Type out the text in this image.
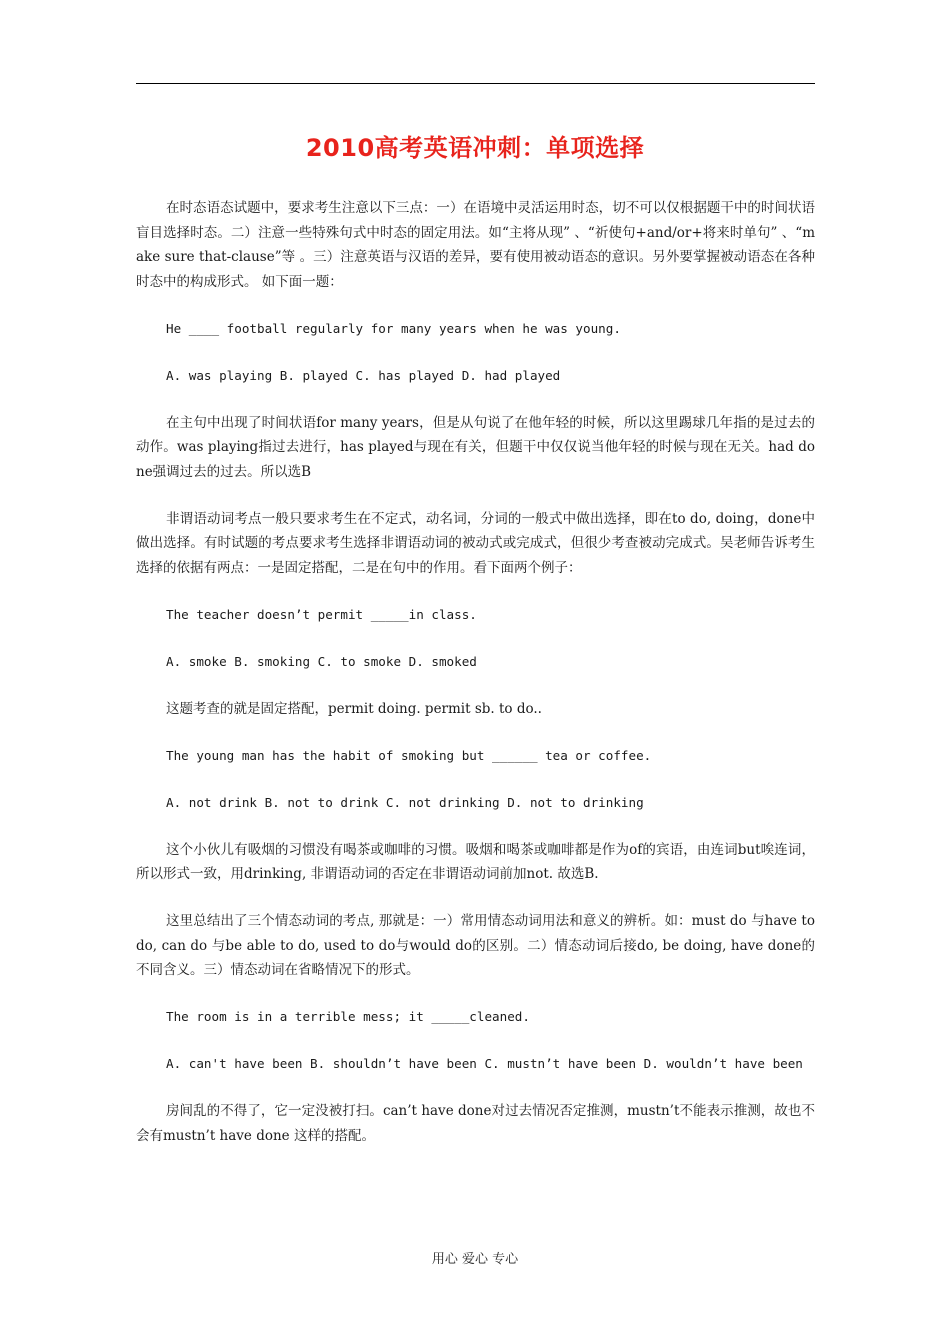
2010高考英语冲刺：单项选择

在时态语态试题中，要求考生注意以下三点：一）在语境中灵活运用时态，切不可以仅根据题干中的时间状语盲目选择时态。二）注意一些特殊句式中时态的固定用法。如“主将从现” 、“祈使句+and/or+将来时单句” 、“make sure that-clause”等 。三）注意英语与汉语的差异，要有使用被动语态的意识。另外要掌握被动语态在各种时态中的构成形式。 如下面一题：

He ____ football regularly for many years when he was young.

A. was playing B. played C. has played D. had played

在主句中出现了时间状语for many years，但是从句说了在他年轻的时候，所以这里踢球几年指的是过去的动作。was playing指过去进行，has played与现在有关，但题干中仅仅说当他年轻的时候与现在无关。had done强调过去的过去。所以选B

非谓语动词考点一般只要求考生在不定式，动名词，分词的一般式中做出选择，即在to do, doing，done中做出选择。有时试题的考点要求考生选择非谓语动词的被动式或完成式，但很少考查被动完成式。吴老师告诉考生选择的依据有两点：一是固定搭配，二是在句中的作用。看下面两个例子：

The teacher doesn’t permit _____in class.

A. smoke B. smoking C. to smoke D. smoked

这题考查的就是固定搭配，permit doing. permit sb. to do..

The young man has the habit of smoking but ______ tea or coffee.

A. not drink B. not to drink C. not drinking D. not to drinking

这个小伙儿有吸烟的习惯没有喝茶或咖啡的习惯。吸烟和喝茶或咖啡都是作为of的宾语，由连词but唉连词，所以形式一致，用drinking, 非谓语动词的否定在非谓语动词前加not. 故选B.

这里总结出了三个情态动词的考点, 那就是：一）常用情态动词用法和意义的辨析。如：must do 与have to do, can do 与be able to do, used to do与would do的区别。二）情态动词后接do, be doing, have done的不同含义。三）情态动词在省略情况下的形式。

The room is in a terrible mess; it _____cleaned.

A. can't have been B. shouldn’t have been C. mustn’t have been D. wouldn’t have been

房间乱的不得了，它一定没被打扫。can’t have done对过去情况否定推测，mustn’t不能表示推测，故也不会有mustn’t have done 这样的搭配。

用心 爱心 专心
